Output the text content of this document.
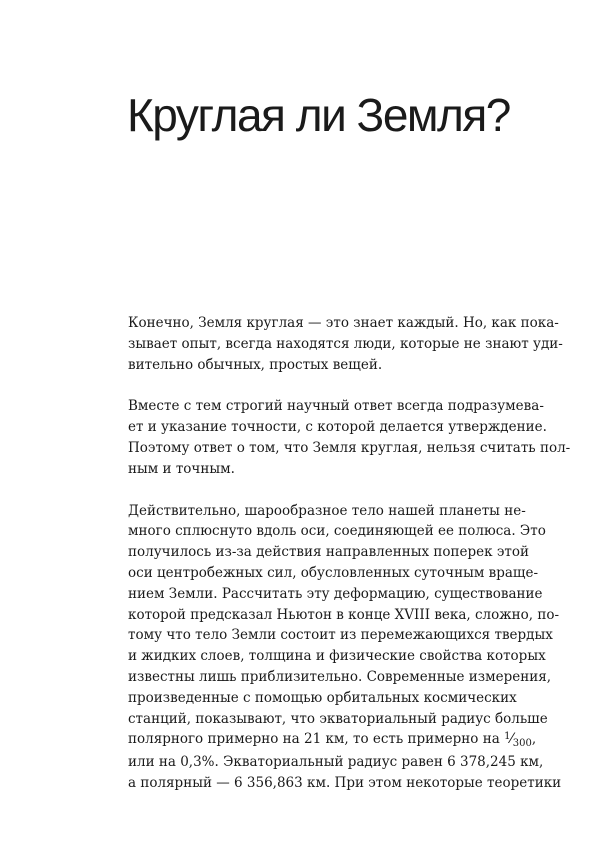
Круглая ли Земля?

Конечно, Земля круглая — это знает каждый. Но, как пока-
зывает опыт, всегда находятся люди, которые не знают уди-
вительно обычных, простых вещей.

Вместе с тем строгий научный ответ всегда подразумева-
ет и указание точности, с которой делается утверждение.
Поэтому ответ о том, что Земля круглая, нельзя считать пол-
ным и точным.

Действительно, шарообразное тело нашей планеты не-
много сплюснуто вдоль оси, соединяющей ее полюса. Это
получилось из-за действия направленных поперек этой
оси центробежных сил, обусловленных суточным враще-
нием Земли. Рассчитать эту деформацию, существование
которой предсказал Ньютон в конце XVIII века, сложно, по-
тому что тело Земли состоит из перемежающихся твердых
и жидких слоев, толщина и физические свойства которых
известны лишь приблизительно. Современные измерения,
произведенные с помощью орбитальных космических
станций, показывают, что экваториальный радиус больше
полярного примерно на 21 км, то есть примерно на $^1⁄_{300}$,
или на 0,3%. Экваториальный радиус равен 6 378,245 км,
а полярный — 6 356,863 км. При этом некоторые теоретики
